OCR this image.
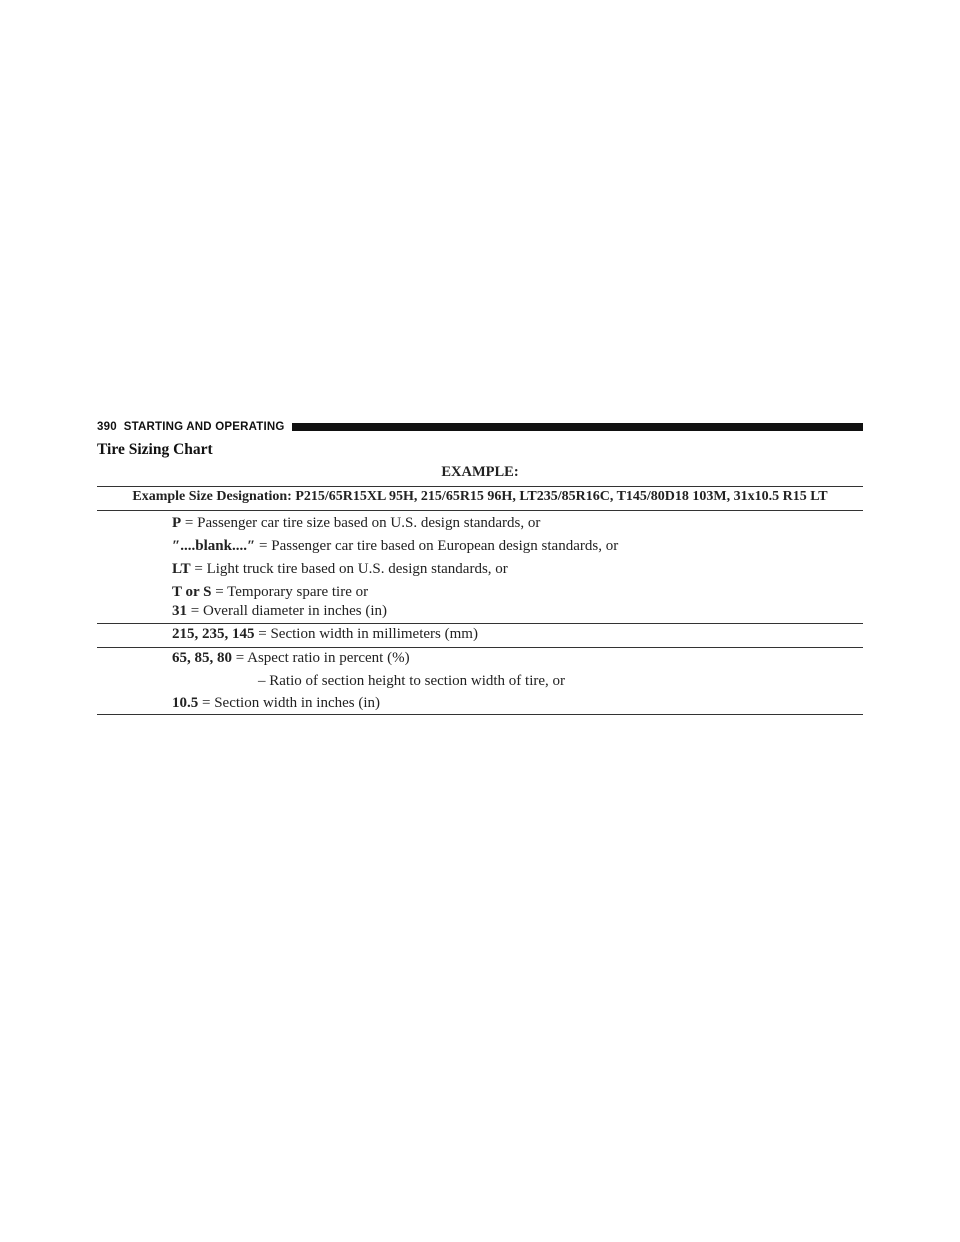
390 STARTING AND OPERATING
Tire Sizing Chart
EXAMPLE:
Example Size Designation: P215/65R15XL 95H, 215/65R15 96H, LT235/85R16C, T145/80D18 103M, 31x10.5 R15 LT
P = Passenger car tire size based on U.S. design standards, or
″....blank....″ = Passenger car tire based on European design standards, or
LT = Light truck tire based on U.S. design standards, or
T or S = Temporary spare tire or
31 = Overall diameter in inches (in)
215, 235, 145 = Section width in millimeters (mm)
65, 85, 80 = Aspect ratio in percent (%)
– Ratio of section height to section width of tire, or
10.5 = Section width in inches (in)
